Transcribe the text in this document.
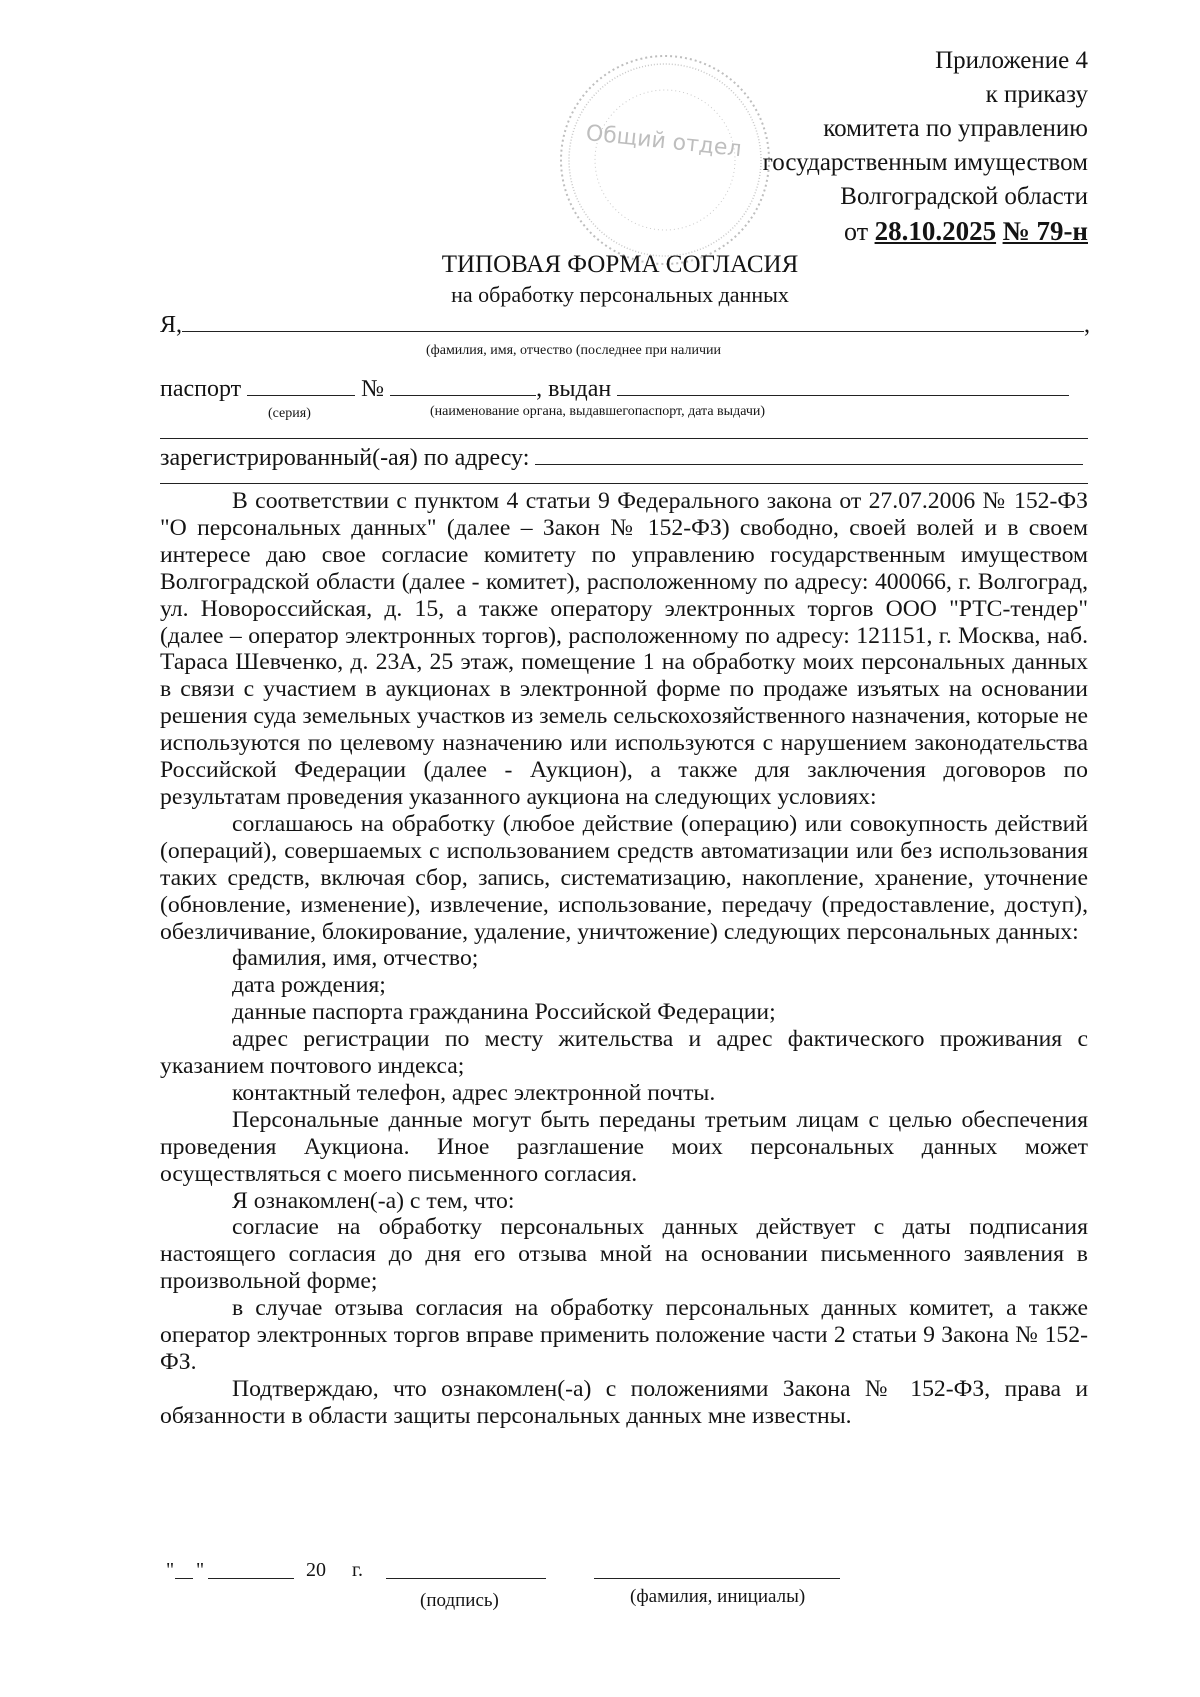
Общий отдел
Приложение 4
к приказу
комитета по управлению
государственным имуществом
Волгоградской области
от 28.10.2025 № 79-н
ТИПОВАЯ ФОРМА СОГЛАСИЯ
на обработку персональных данных
Я,	,
(фамилия, имя, отчество (последнее при наличии
паспорт	№	, выдан
(серия)	(наименование органа, выдавшегопаспорт, дата выдачи)
зарегистрированный(-ая) по адресу:

В соответствии с пунктом 4 статьи 9 Федерального закона от 27.07.2006 № 152-ФЗ "О персональных данных" (далее – Закон № 152-ФЗ) свободно, своей волей и в своем интересе даю свое согласие комитету по управлению государственным имуществом Волгоградской области (далее - комитет), расположенному по адресу: 400066, г. Волгоград, ул. Новороссийская, д. 15, а также оператору электронных торгов ООО "РТС-тендер" (далее – оператор электронных торгов), расположенному по адресу: 121151, г. Москва, наб. Тараса Шевченко, д. 23А, 25 этаж, помещение 1 на обработку моих персональных данных в связи с участием в аукционах в электронной форме по продаже изъятых на основании решения суда земельных участков из земель сельскохозяйственного назначения, которые не используются по целевому назначению или используются с нарушением законодательства Российской Федерации (далее - Аукцион), а также для заключения договоров по результатам проведения указанного аукциона на следующих условиях:

соглашаюсь на обработку (любое действие (операцию) или совокупность действий (операций), совершаемых с использованием средств автоматизации или без использования таких средств, включая сбор, запись, систематизацию, накопление, хранение, уточнение (обновление, изменение), извлечение, использование, передачу (предоставление, доступ), обезличивание, блокирование, удаление, уничтожение) следующих персональных данных:

фамилия, имя, отчество;

дата рождения;

данные паспорта гражданина Российской Федерации;

адрес регистрации по месту жительства и адрес фактического проживания с указанием почтового индекса;

контактный телефон, адрес электронной почты.

Персональные данные могут быть переданы третьим лицам с целью обеспечения проведения Аукциона. Иное разглашение моих персональных данных может осуществляться с моего письменного согласия.

Я ознакомлен(-а) с тем, что:

согласие на обработку персональных данных действует с даты подписания настоящего согласия до дня его отзыва мной на основании письменного заявления в произвольной форме;

в случае отзыва согласия на обработку персональных данных комитет, а также оператор электронных торгов вправе применить положение части 2 статьи 9 Закона № 152-ФЗ.

Подтверждаю, что ознакомлен(-а) с положениями Закона № 152-ФЗ, права и обязанности в области защиты персональных данных мне известны.

" "	20 г.
(подпись)	(фамилия, инициалы)
